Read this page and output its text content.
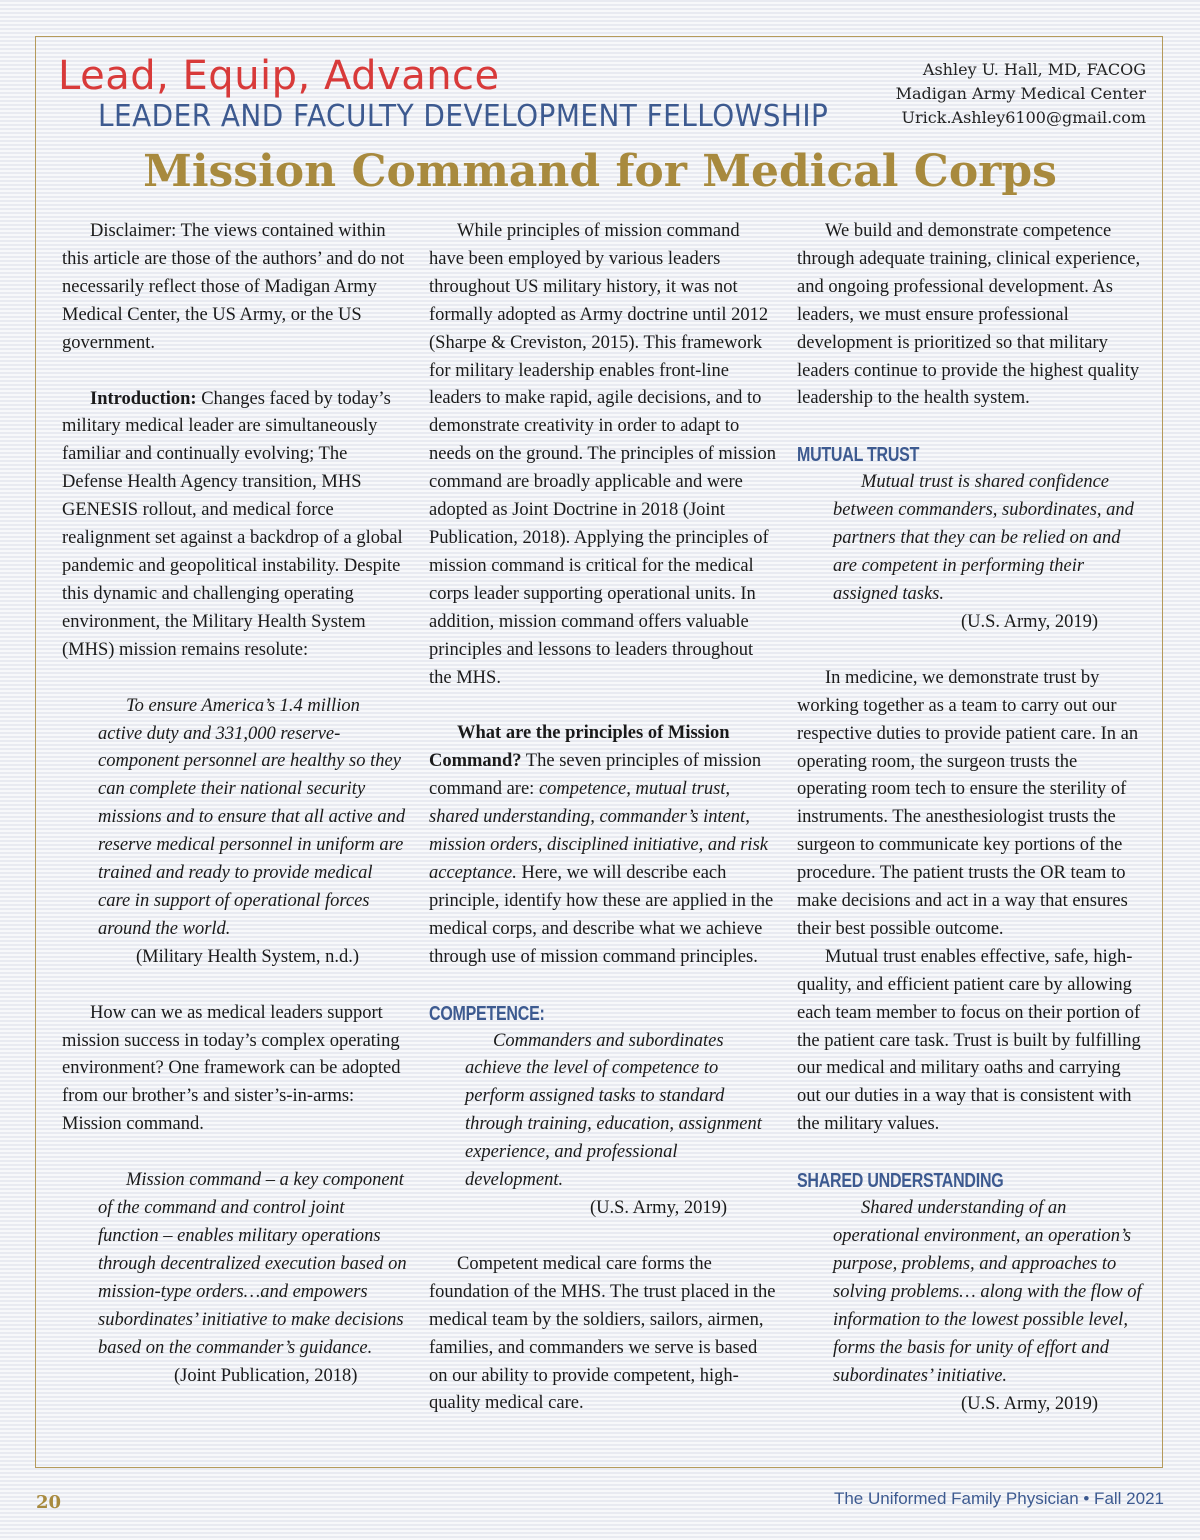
Lead, Equip, Advance
LEADER AND FACULTY DEVELOPMENT FELLOWSHIP
Ashley U. Hall, MD, FACOG
Madigan Army Medical Center
Urick.Ashley6100@gmail.com
Mission Command for Medical Corps

Disclaimer: The views contained within this article are those of the authors’ and do not necessarily reflect those of Madigan Army Medical Center, the US Army, or the US government.

Introduction: Changes faced by today’s military medical leader are simultaneously familiar and continually evolving; The Defense Health Agency transition, MHS GENESIS rollout, and medical force realignment set against a backdrop of a global pandemic and geopolitical instability. Despite this dynamic and challenging operating environment, the Military Health System (MHS) mission remains resolute:

To ensure America’s 1.4 million active duty and 331,000 reserve-component personnel are healthy so they can complete their national security missions and to ensure that all active and reserve medical personnel in uniform are trained and ready to provide medical care in support of operational forces around the world.

(Military Health System, n.d.)

How can we as medical leaders support mission success in today’s complex operating environment? One framework can be adopted from our brother’s and sister’s-in-arms: Mission command.

Mission command – a key component of the command and control joint function – enables military operations through decentralized execution based on mission-type orders…and empowers subordinates’ initiative to make decisions based on the commander’s guidance.

(Joint Publication, 2018)

While principles of mission command have been employed by various leaders throughout US military history, it was not formally adopted as Army doctrine until 2012 (Sharpe & Creviston, 2015). This framework for military leadership enables front-line leaders to make rapid, agile decisions, and to demonstrate creativity in order to adapt to needs on the ground. The principles of mission command are broadly applicable and were adopted as Joint Doctrine in 2018 (Joint Publication, 2018). Applying the principles of mission command is critical for the medical corps leader supporting operational units. In addition, mission command offers valuable principles and lessons to leaders throughout the MHS.

What are the principles of Mission Command? The seven principles of mission command are: competence, mutual trust, shared understanding, commander’s intent, mission orders, disciplined initiative, and risk acceptance. Here, we will describe each principle, identify how these are applied in the medical corps, and describe what we achieve through use of mission command principles.

COMPETENCE:

Commanders and subordinates achieve the level of competence to perform assigned tasks to standard through training, education, assignment experience, and professional development.

(U.S. Army, 2019)

Competent medical care forms the foundation of the MHS. The trust placed in the medical team by the soldiers, sailors, airmen, families, and commanders we serve is based on our ability to provide competent, high-quality medical care.

We build and demonstrate competence through adequate training, clinical experience, and ongoing professional development. As leaders, we must ensure professional development is prioritized so that military leaders continue to provide the highest quality leadership to the health system.

MUTUAL TRUST

Mutual trust is shared confidence between commanders, subordinates, and partners that they can be relied on and are competent in performing their assigned tasks.

(U.S. Army, 2019)

In medicine, we demonstrate trust by working together as a team to carry out our respective duties to provide patient care. In an operating room, the surgeon trusts the operating room tech to ensure the sterility of instruments. The anesthesiologist trusts the surgeon to communicate key portions of the procedure. The patient trusts the OR team to make decisions and act in a way that ensures their best possible outcome.

Mutual trust enables effective, safe, high-quality, and efficient patient care by allowing each team member to focus on their portion of the patient care task. Trust is built by fulfilling our medical and military oaths and carrying out our duties in a way that is consistent with the military values.

SHARED UNDERSTANDING

Shared understanding of an operational environment, an operation’s purpose, problems, and approaches to solving problems… along with the flow of information to the lowest possible level, forms the basis for unity of effort and subordinates’ initiative.

(U.S. Army, 2019)

20	The Uniformed Family Physician • Fall 2021
